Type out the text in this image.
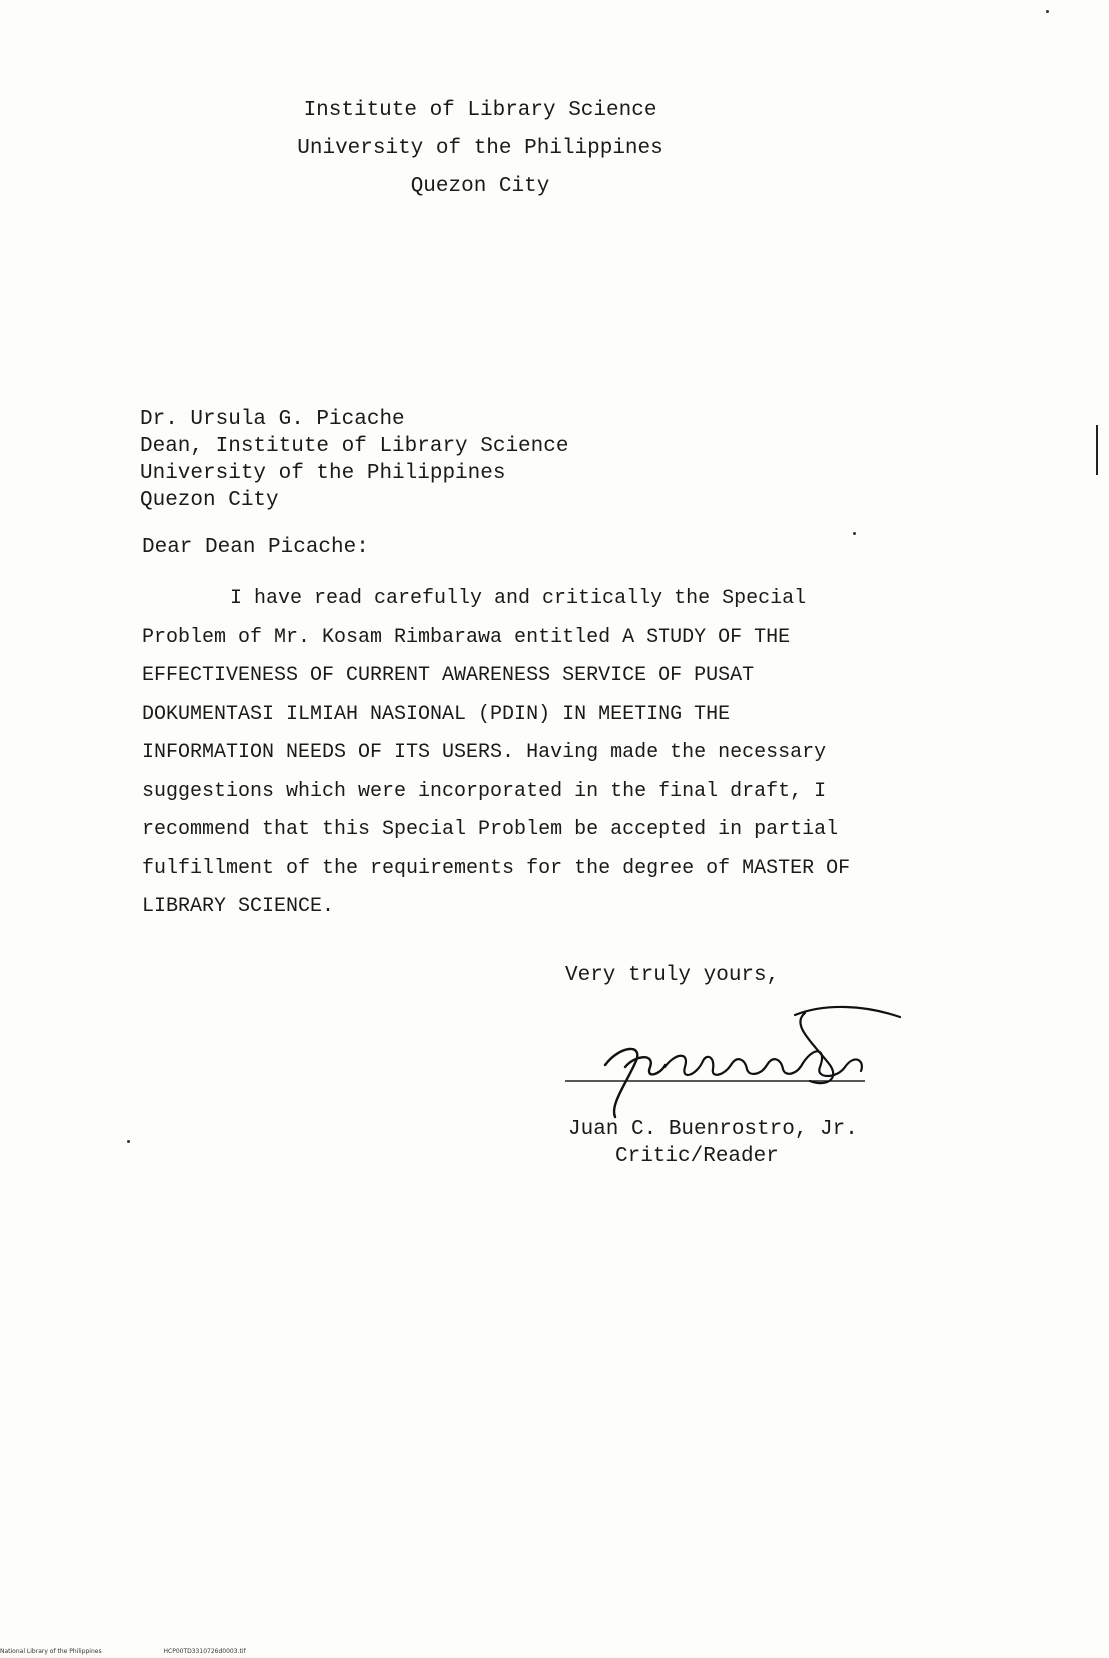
Institute of Library Science
University of the Philippines
Quezon City
Dr. Ursula G. Picache
Dean, Institute of Library Science
University of the Philippines
Quezon City
Dear Dean Picache:
I have read carefully and critically the Special
Problem of Mr. Kosam Rimbarawa entitled A STUDY OF THE
EFFECTIVENESS OF CURRENT AWARENESS SERVICE OF PUSAT
DOKUMENTASI ILMIAH NASIONAL (PDIN) IN MEETING THE
INFORMATION NEEDS OF ITS USERS. Having made the necessary
suggestions which were incorporated in the final draft, I
recommend that this Special Problem be accepted in partial
fulfillment of the requirements for the degree of MASTER OF
LIBRARY SCIENCE.
Very truly yours,
Juan C. Buenrostro, Jr.
Critic/Reader
National Library of the Philippines	HCP00TD3310726d0003.tif
